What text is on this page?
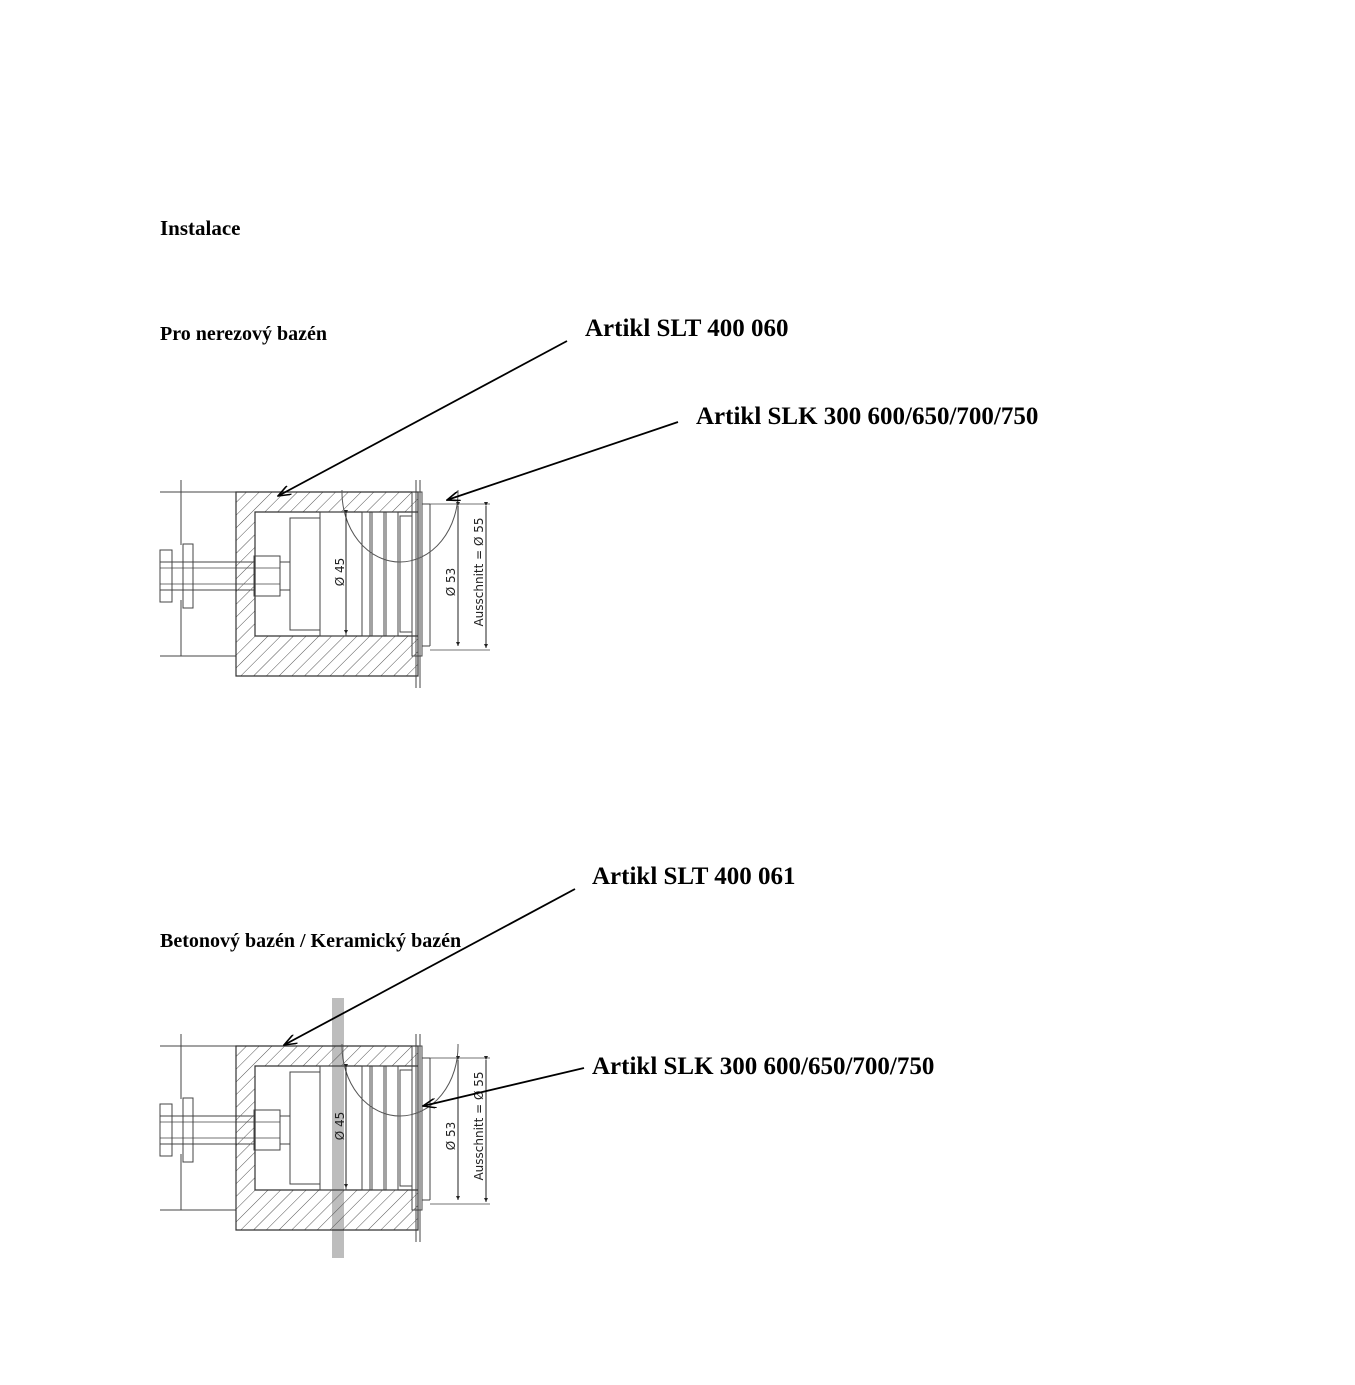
Instalace
Pro nerezový bazén	Artikl SLT 400 060
Artikl SLK 300 600/650/700/750
Artikl SLT 400 061
Betonový bazén / Keramický bazén
Artikl SLK 300 600/650/700/750
Ø 45	Ø 53 Ausschnitt = Ø 55
Ø 45	Ø 53 Ausschnitt = Ø 55
